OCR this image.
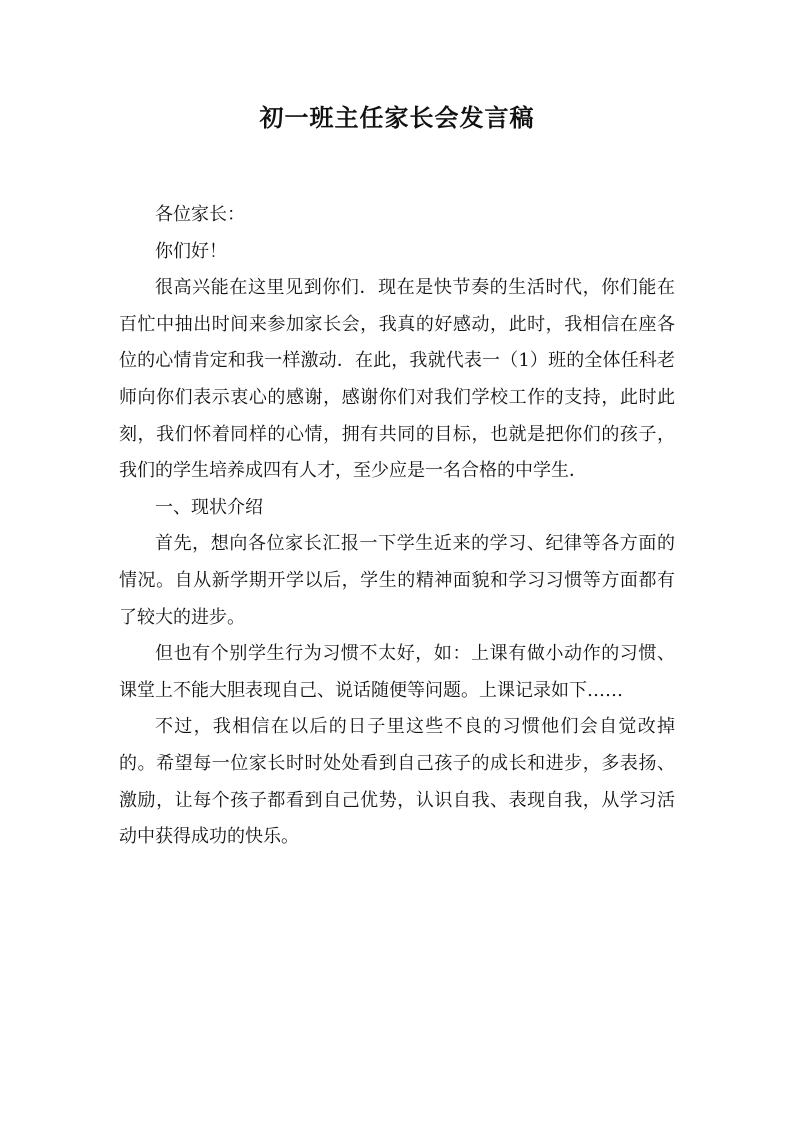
初一班主任家长会发言稿

各位家长：

你们好！

很高兴能在这里见到你们．现在是快节奏的生活时代，你们能在百忙中抽出时间来参加家长会，我真的好感动，此时，我相信在座各位的心情肯定和我一样激动．在此，我就代表一（1）班的全体任科老师向你们表示衷心的感谢，感谢你们对我们学校工作的支持，此时此刻，我们怀着同样的心情，拥有共同的目标，也就是把你们的孩子，我们的学生培养成四有人才，至少应是一名合格的中学生．

一、现状介绍

首先，想向各位家长汇报一下学生近来的学习、纪律等各方面的情况。自从新学期开学以后，学生的精神面貌和学习习惯等方面都有了较大的进步。

但也有个别学生行为习惯不太好，如：上课有做小动作的习惯、课堂上不能大胆表现自己、说话随便等问题。上课记录如下……

不过，我相信在以后的日子里这些不良的习惯他们会自觉改掉的。希望每一位家长时时处处看到自己孩子的成长和进步，多表扬、激励，让每个孩子都看到自己优势，认识自我、表现自我，从学习活动中获得成功的快乐。
